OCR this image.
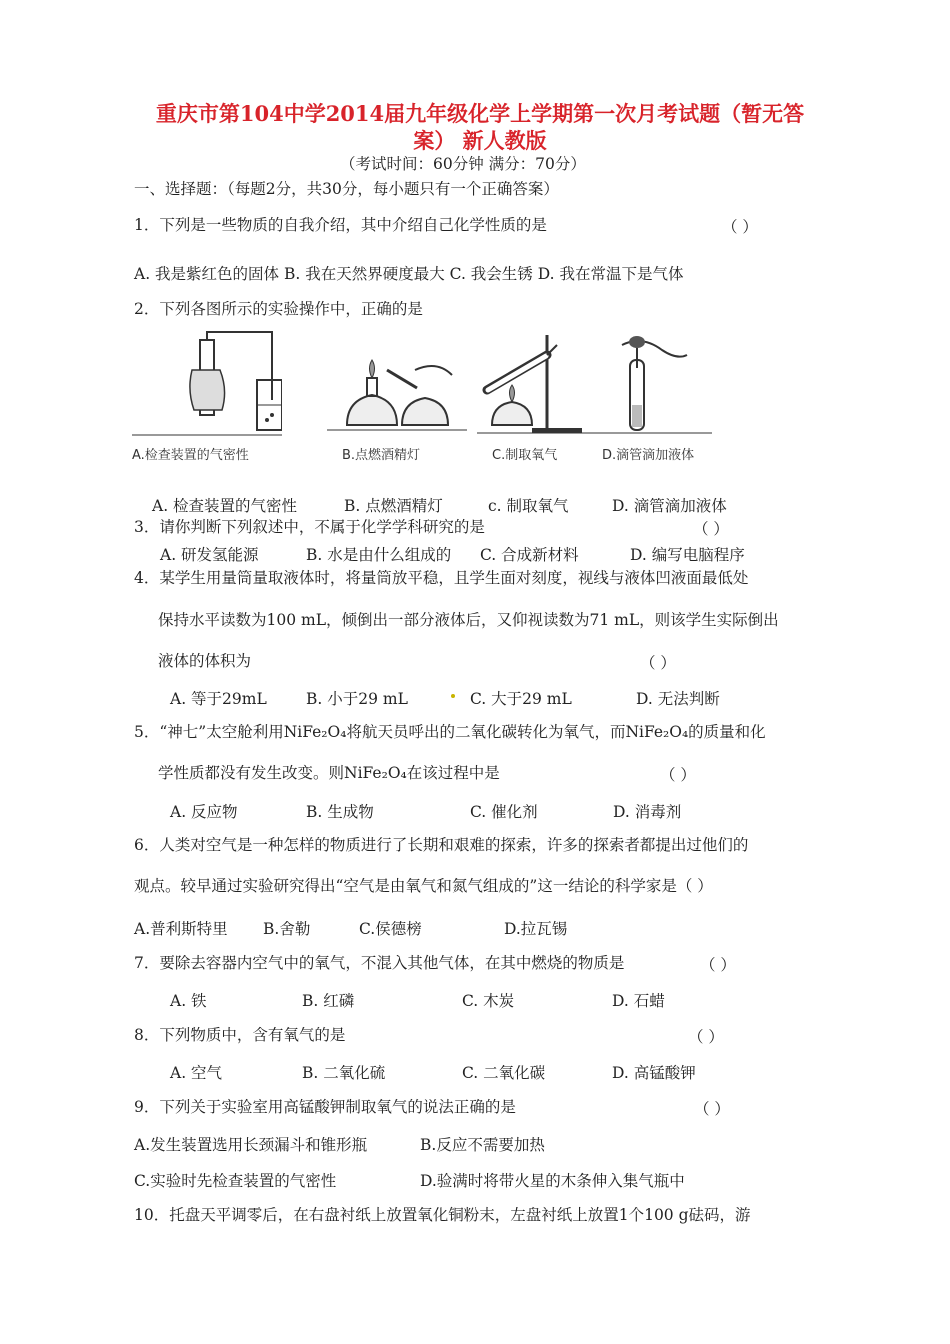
重庆市第104中学2014届九年级化学上学期第一次月考试题（暂无答
案） 新人教版
（考试时间：60分钟 满分：70分）
一、选择题：（每题2分，共30分，每小题只有一个正确答案）
1．下列是一些物质的自我介绍，其中介绍自己化学性质的是	（ ）
A. 我是紫红色的固体 B. 我在天然界硬度最大 C. 我会生锈 D. 我在常温下是气体
2．下列各图所示的实验操作中，正确的是
A.检查装置的气密性	B.点燃酒精灯	C.制取氧气	D.滴管滴加液体
A. 检查装置的气密性	B. 点燃酒精灯	c. 制取氧气	D. 滴管滴加液体
3．请你判断下列叙述中，不属于化学学科研究的是	（ ）
A. 研发氢能源	B. 水是由什么组成的 C. 合成新材料	D. 编写电脑程序
4．某学生用量筒量取液体时，将量筒放平稳，且学生面对刻度，视线与液体凹液面最低处
保持水平读数为100 mL，倾倒出一部分液体后，又仰视读数为71 mL，则该学生实际倒出
液体的体积为	（ ）
A. 等于29mL	B. 小于29 mL	C. 大于29 mL	D. 无法判断
5．“神七”太空舱利用NiFe₂O₄将航天员呼出的二氧化碳转化为氧气，而NiFe₂O₄的质量和化
学性质都没有发生改变。则NiFe₂O₄在该过程中是	（ ）
A. 反应物	B. 生成物	C. 催化剂	D. 消毒剂
6．人类对空气是一种怎样的物质进行了长期和艰难的探索，许多的探索者都提出过他们的
观点。较早通过实验研究得出“空气是由氧气和氮气组成的”这一结论的科学家是（ ）
A.普利斯特里 B.舍勒	C.侯德榜	D.拉瓦锡
7．要除去容器内空气中的氧气，不混入其他气体，在其中燃烧的物质是	（ ）
A. 铁	B. 红磷	C. 木炭	D. 石蜡
8．下列物质中，含有氧气的是	（ ）
A. 空气	B. 二氧化硫	C. 二氧化碳	D. 高锰酸钾
9．下列关于实验室用高锰酸钾制取氧气的说法正确的是	（ ）
A.发生装置选用长颈漏斗和锥形瓶	B.反应不需要加热
C.实验时先检查装置的气密性	D.验满时将带火星的木条伸入集气瓶中
10．托盘天平调零后，在右盘衬纸上放置氧化铜粉末，左盘衬纸上放置1个100 g砝码，游
